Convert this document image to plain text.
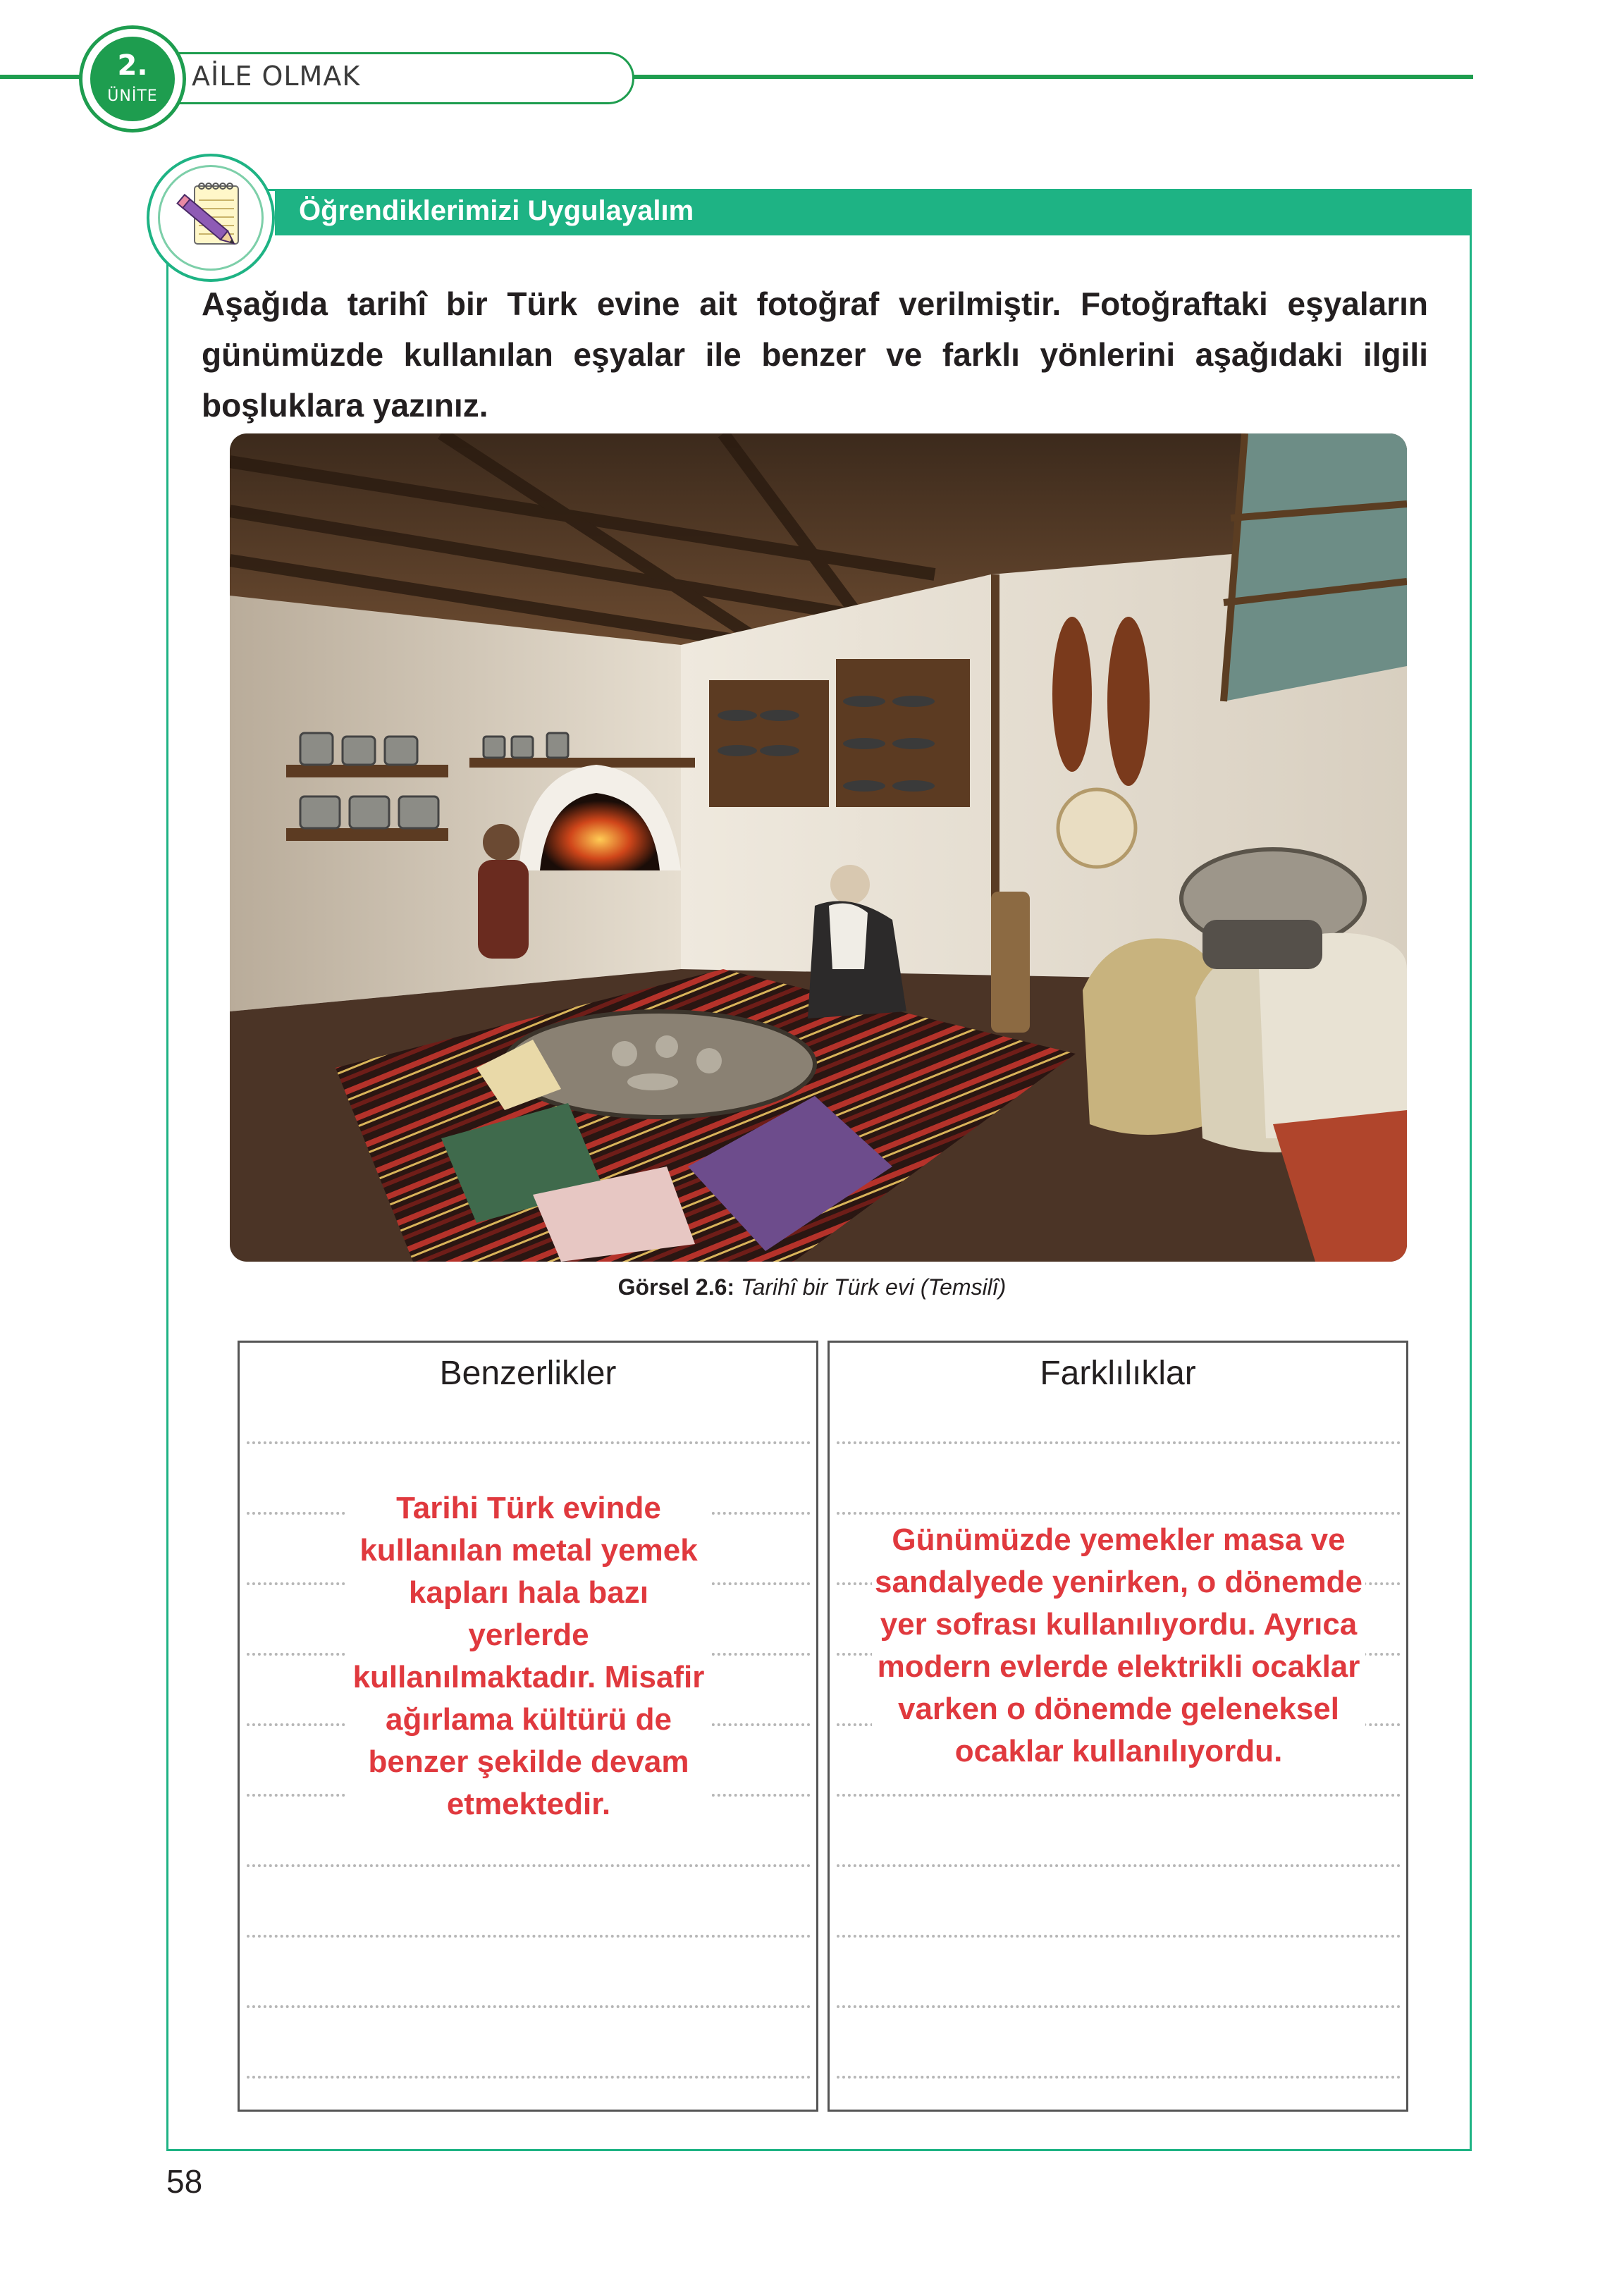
AİLE OLMAK
2.
ÜNİTE
Öğrendiklerimizi Uygulayalım
Aşağıda tarihî bir Türk evine ait fotoğraf verilmiştir. Fotoğraftaki eşyaların günümüzde kullanılan eşyalar ile benzer ve farklı yönlerini aşağıdaki ilgili boşluklara yazınız.
Görsel 2.6: Tarihî bir Türk evi (Temsilî)
Benzerlikler
Tarihi Türk evinde kullanılan metal yemek kapları hala bazı yerlerde kullanılmaktadır. Misafir ağırlama kültürü de benzer şekilde devam etmektedir.
Farklılıklar
Günümüzde yemekler masa ve sandalyede yenirken, o dönemde yer sofrası kullanılıyordu. Ayrıca modern evlerde elektrikli ocaklar varken o dönemde geleneksel ocaklar kullanılıyordu.
58
